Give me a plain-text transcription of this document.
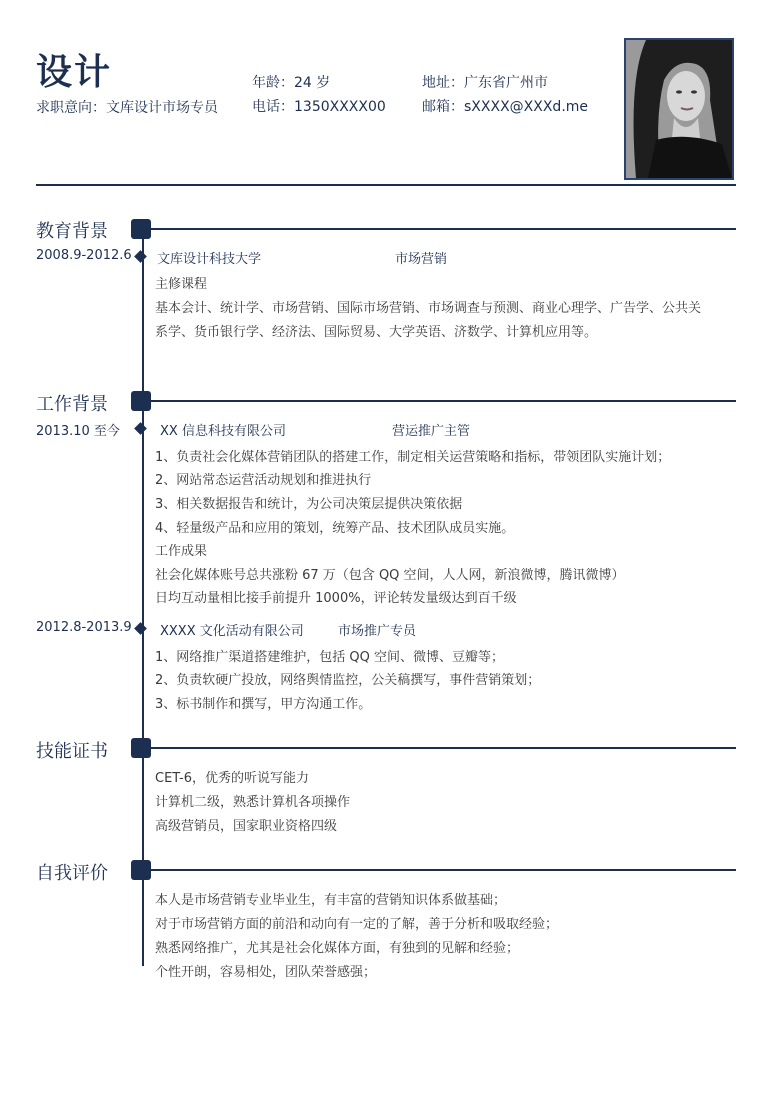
设计
求职意向：文库设计市场专员
年龄：24 岁
电话：1350XXXX00
地址：广东省广州市
邮箱：sXXXX@XXXd.me
教育背景
2008.9-2012.6 文库设计科技大学	市场营销
主修课程
基本会计、统计学、市场营销、国际市场营销、市场调查与预测、商业心理学、广告学、公共关
系学、货币银行学、经济法、国际贸易、大学英语、济数学、计算机应用等。
工作背景
2013.10 至今	XX 信息科技有限公司	营运推广主管
1、负责社会化媒体营销团队的搭建工作，制定相关运营策略和指标，带领团队实施计划；
2、网站常态运营活动规划和推进执行
3、相关数据报告和统计，为公司决策层提供决策依据
4、轻量级产品和应用的策划，统筹产品、技术团队成员实施。
工作成果
社会化媒体账号总共涨粉 67 万（包含 QQ 空间，人人网，新浪微博，腾讯微博）
日均互动量相比接手前提升 1000%，评论转发量级达到百千级
2012.8-2013.9 XXXX 文化活动有限公司	市场推广专员
1、网络推广渠道搭建维护，包括 QQ 空间、微博、豆瓣等；
2、负责软硬广投放，网络舆情监控，公关稿撰写，事件营销策划；
3、标书制作和撰写，甲方沟通工作。
技能证书
CET-6，优秀的听说写能力
计算机二级，熟悉计算机各项操作
高级营销员，国家职业资格四级
自我评价
本人是市场营销专业毕业生，有丰富的营销知识体系做基础；
对于市场营销方面的前沿和动向有一定的了解，善于分析和吸取经验；
熟悉网络推广，尤其是社会化媒体方面，有独到的见解和经验；
个性开朗，容易相处，团队荣誉感强；
